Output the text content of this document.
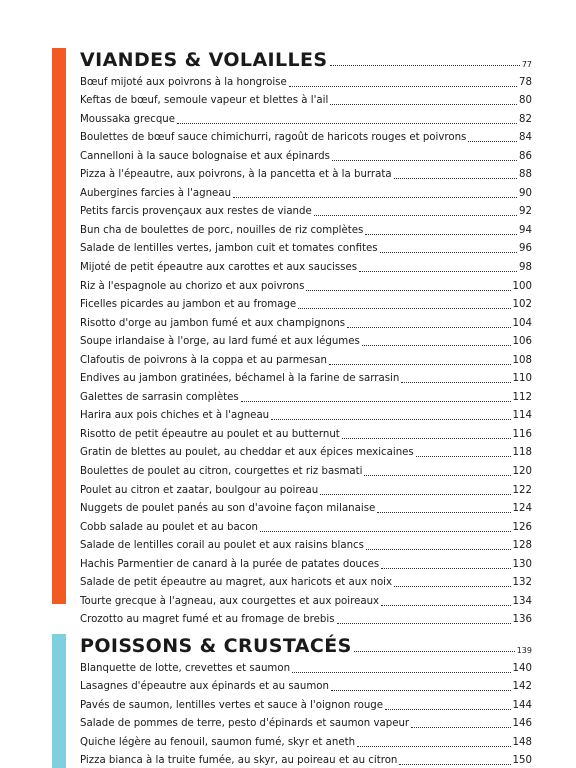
VIANDES & VOLAILLES	77
Bœuf mijoté aux poivrons à la hongroise	78
Keftas de bœuf, semoule vapeur et blettes à l'ail	80
Moussaka grecque	82
Boulettes de bœuf sauce chimichurri, ragoût de haricots rouges et poivrons	84
Cannelloni à la sauce bolognaise et aux épinards	86
Pizza à l'épeautre, aux poivrons, à la pancetta et à la burrata	88
Aubergines farcies à l'agneau	90
Petits farcis provençaux aux restes de viande	92
Bun cha de boulettes de porc, nouilles de riz complètes	94
Salade de lentilles vertes, jambon cuit et tomates confites	96
Mijoté de petit épeautre aux carottes et aux saucisses	98
Riz à l'espagnole au chorizo et aux poivrons	100
Ficelles picardes au jambon et au fromage	102
Risotto d'orge au jambon fumé et aux champignons	104
Soupe irlandaise à l'orge, au lard fumé et aux légumes	106
Clafoutis de poivrons à la coppa et au parmesan	108
Endives au jambon gratinées, béchamel à la farine de sarrasin	110
Galettes de sarrasin complètes	112
Harira aux pois chiches et à l'agneau	114
Risotto de petit épeautre au poulet et au butternut	116
Gratin de blettes au poulet, au cheddar et aux épices mexicaines	118
Boulettes de poulet au citron, courgettes et riz basmati	120
Poulet au citron et zaatar, boulgour au poireau	122
Nuggets de poulet panés au son d'avoine façon milanaise	124
Cobb salade au poulet et au bacon	126
Salade de lentilles corail au poulet et aux raisins blancs	128
Hachis Parmentier de canard à la purée de patates douces	130
Salade de petit épeautre au magret, aux haricots et aux noix	132
Tourte grecque à l'agneau, aux courgettes et aux poireaux	134
Crozotto au magret fumé et au fromage de brebis	136
POISSONS & CRUSTACÉS	139
Blanquette de lotte, crevettes et saumon	140
Lasagnes d'épeautre aux épinards et au saumon	142
Pavés de saumon, lentilles vertes et sauce à l'oignon rouge	144
Salade de pommes de terre, pesto d'épinards et saumon vapeur	146
Quiche légère au fenouil, saumon fumé, skyr et aneth	148
Pizza bianca à la truite fumée, au skyr, au poireau et au citron	150
